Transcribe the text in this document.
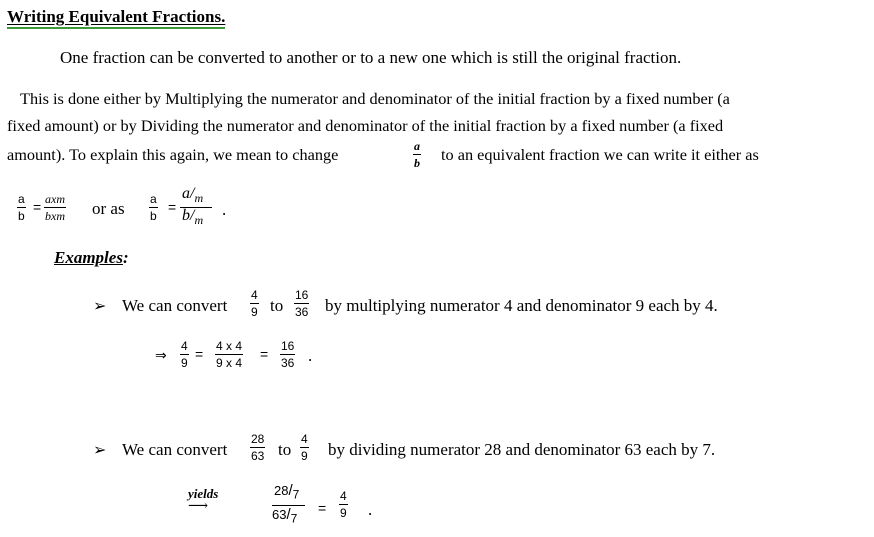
Writing Equivalent Fractions.
One fraction can be converted to another or to a new one which is still the original fraction.
This is done either by Multiplying the numerator and denominator of the initial fraction by a fixed number (a
fixed amount) or by Dividing the numerator and denominator of the initial fraction by a fixed number (a fixed
amount). To explain this again, we mean to change	a
b to an equivalent fraction we can write it either as
a
b
= axm
bxm or as a
b
=
$a/_m$
$b/_m$
.
Examples:
➢ We can convert
4
9 to
16
36 by multiplying numerator 4 and denominator 9 each by 4.
⇒
4
9
= 4 x 4
9 x 4
= 16
36 .
➢ We can convert
28
63 to
4
9 by dividing numerator 28 and denominator 63 each by 7.
yields
⟶
$28/_7$
$63/_7$
=
4
9 .
